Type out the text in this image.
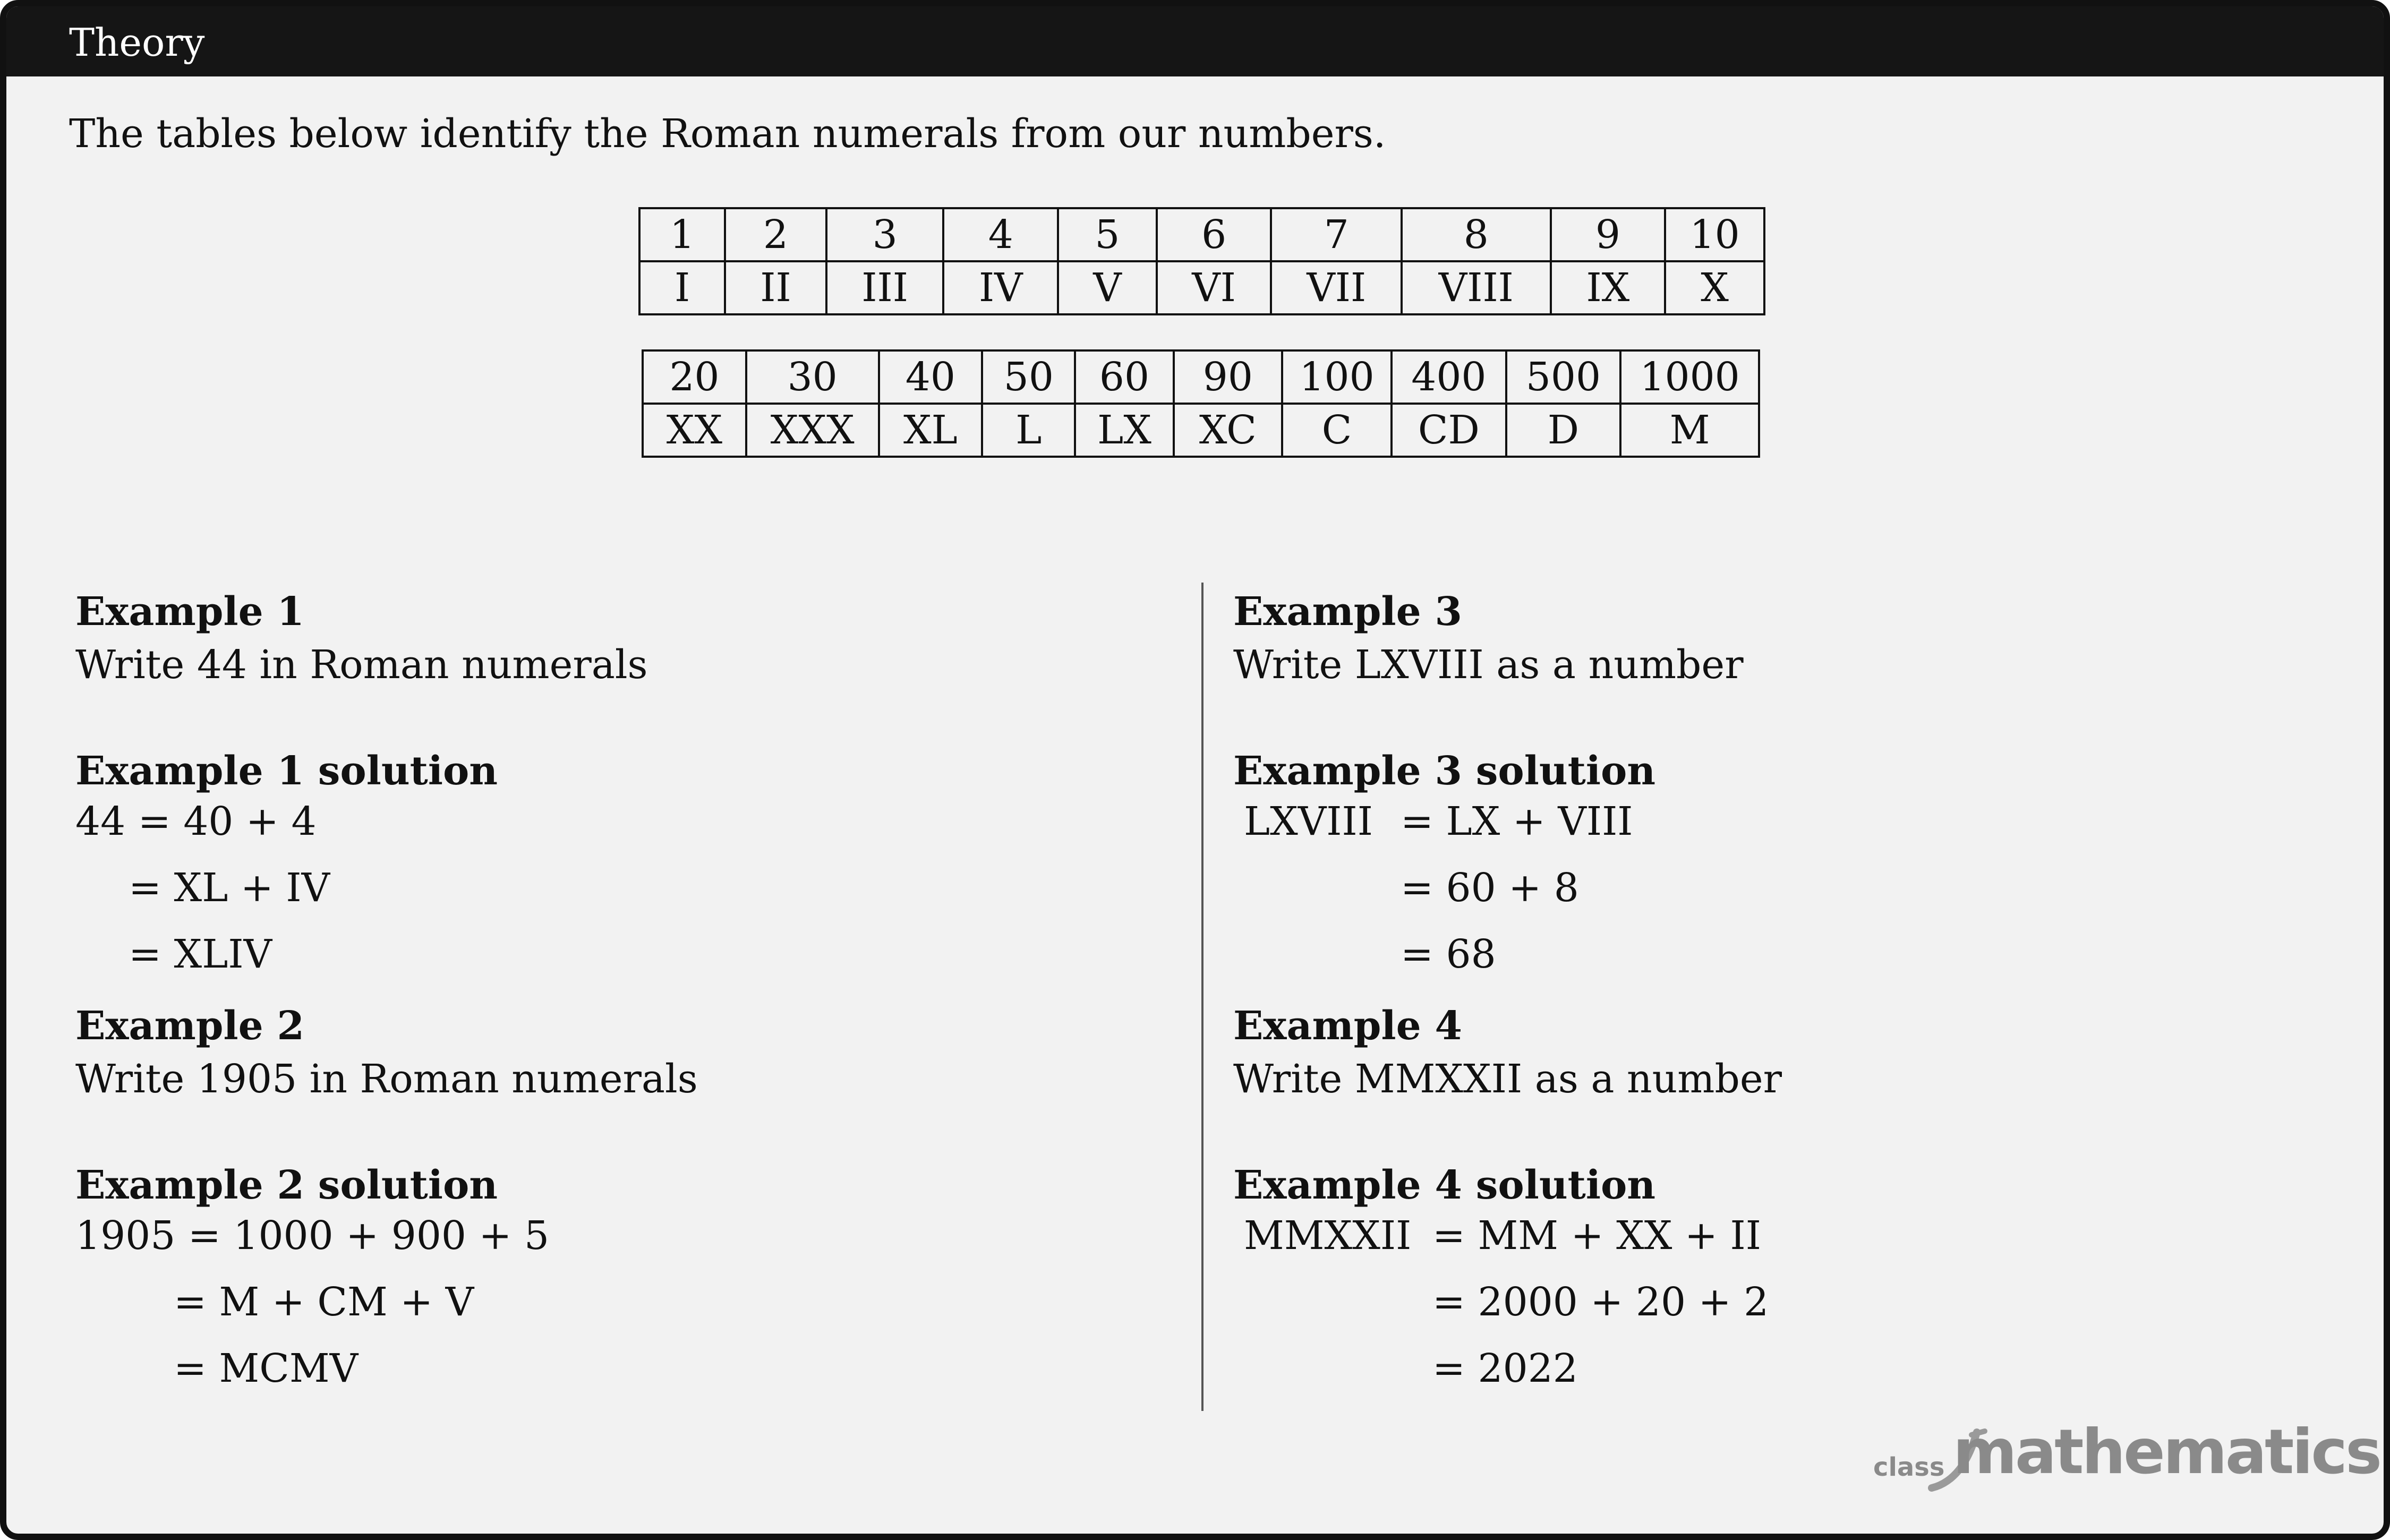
Theory
The tables below identify the Roman numerals from our numbers.
1	2	3	4	5	6	7	8	9	10
I	II	III	IV	V	VI	VII	VIII	IX	X
20	30	40	50	60	90	100	400	500	1000
XX	XXX	XL	L	LX	XC	C	CD	D	M
Example 1
Write 44 in Roman numerals
Example 1 solution
44 = 40 + 4
= XL + IV
= XLIV
Example 2
Write 1905 in Roman numerals
Example 2 solution
1905 = 1000 + 900 + 5
= M + CM + V
= MCMV
Example 3
Write LXVIII as a number
Example 3 solution
LXVIII = LX + VIII
= 60 + 8
= 68
Example 4
Write MMXXII as a number
Example 4 solution
MMXXII = MM + XX + II
= 2000 + 20 + 2
= 2022
class mathematics
